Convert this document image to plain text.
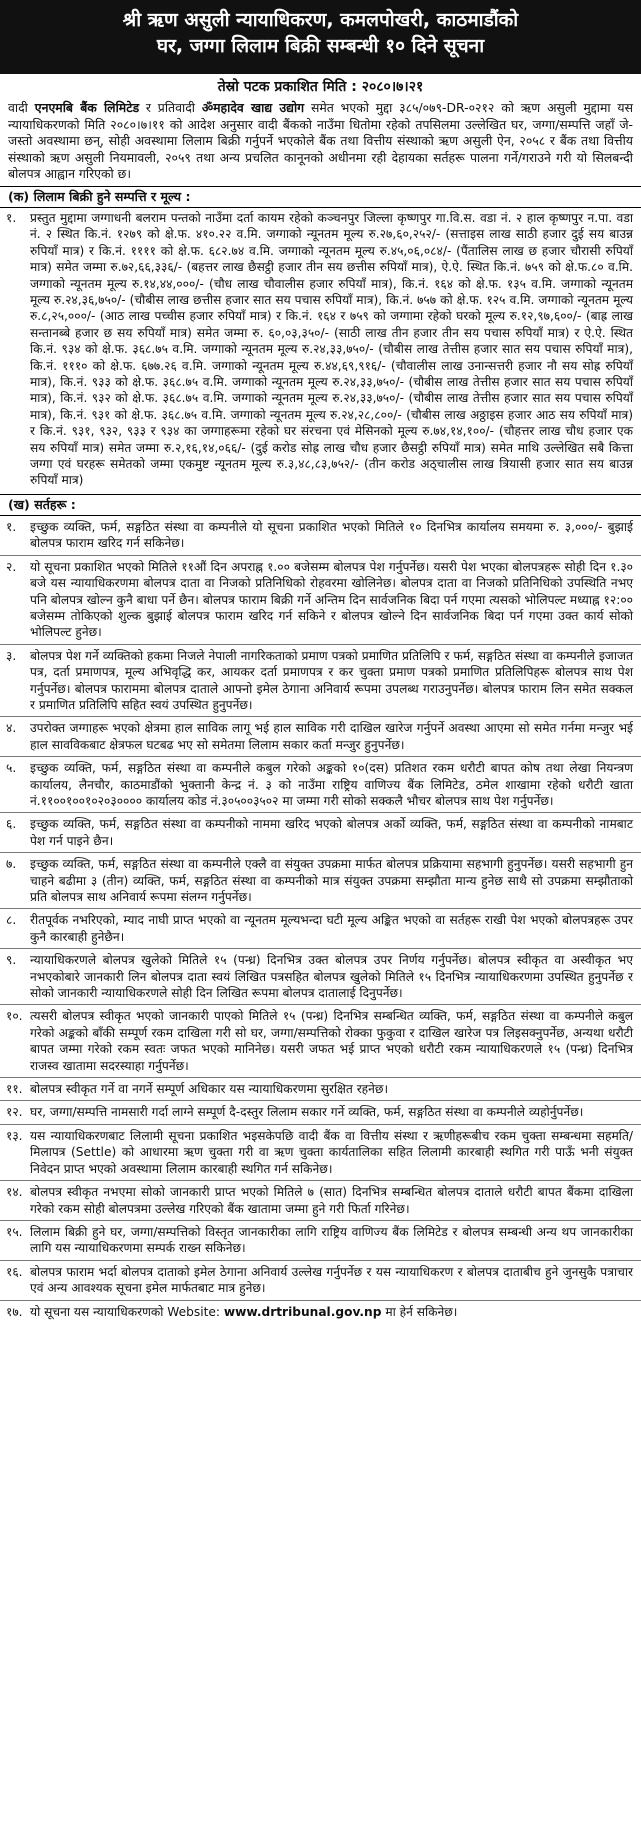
श्री ऋण असुली न्यायाधिकरण, कमलपोखरी, काठमाडौंको
घर, जग्गा लिलाम बिक्री सम्बन्धी १० दिने सूचना
तेस्रो पटक प्रकाशित मिति : २०८०।७।२१
वादी एनएमबि बैंक लिमिटेड र प्रतिवादी ॐमहादेव खाद्य उद्योग समेत भएको मुद्दा ३८५/०७९-DR-०२१२ को ऋण असुली मुद्दामा यस न्यायाधिकरणको मिति २०८०।७।११ को आदेश अनुसार वादी बैंकको नाउँमा धितोमा रहेको तपसिलमा उल्लेखित घर, जग्गा/सम्पत्ति जहाँ जे-जस्तो अवस्थामा छन्, सोही अवस्थामा लिलाम बिक्री गर्नुपर्ने भएकोले बैंक तथा वित्तीय संस्थाको ऋण असुली ऐन, २०५८ र बैंक तथा वित्तीय संस्थाको ऋण असुली नियमावली, २०५९ तथा अन्य प्रचलित कानूनको अधीनमा रही देहायका सर्तहरू पालना गर्ने/गराउने गरी यो सिलबन्दी बोलपत्र आह्वान गरिएको छ।
(क) लिलाम बिक्री हुने सम्पत्ति र मूल्य :
१.	प्रस्तुत मुद्दामा जग्गाधनी बलराम पन्तको नाउँमा दर्ता कायम रहेको कञ्चनपुर जिल्ला कृष्णपुर गा.वि.स. वडा नं. २ हाल कृष्णपुर न.पा. वडा नं. २ स्थित कि.नं. १२७९ को क्षे.फ. ४१०.२२ व.मि. जग्गाको न्यूनतम मूल्य रु.२७,६०,२५२/- (सत्ताइस लाख साठी हजार दुई सय बाउन्न रुपियाँ मात्र) र कि.नं. ११११ को क्षे.फ. ६८२.७४ व.मि. जग्गाको न्यूनतम मूल्य रु.४५,०६,०८४/- (पैंतालिस लाख छ हजार चौरासी रुपियाँ मात्र) समेत जम्मा रु.७२,६६,३३६/- (बहत्तर लाख छैसट्ठी हजार तीन सय छत्तीस रुपियाँ मात्र), ऐ.ऐ. स्थित कि.नं. ७५९ को क्षे.फ.८० व.मि. जग्गाको न्यूनतम मूल्य रु.१४,४४,०००/- (चौध लाख चौवालीस हजार रुपियाँ मात्र), कि.नं. १६४ को क्षे.फ. १३५ व.मि. जग्गाको न्यूनतम मूल्य रु.२४,३६,७५०/- (चौबीस लाख छत्तीस हजार सात सय पचास रुपियाँ मात्र), कि.नं. ७५७ को क्षे.फ. १२५ व.मि. जग्गाको न्यूनतम मूल्य रु.८,२५,०००/- (आठ लाख पच्चीस हजार रुपियाँ मात्र) र कि.नं. १६४ र ७५९ को जग्गामा रहेको घरको मूल्य रु.१२,९७,६००/- (बाह्र लाख सन्तानब्बे हजार छ सय रुपियाँ मात्र) समेत जम्मा रु. ६०,०३,३५०/- (साठी लाख तीन हजार तीन सय पचास रुपियाँ मात्र) र ऐ.ऐ. स्थित कि.नं. ९३४ को क्षे.फ. ३६८.७५ व.मि. जग्गाको न्यूनतम मूल्य रु.२४,३३,७५०/- (चौबीस लाख तेत्तीस हजार सात सय पचास रुपियाँ मात्र), कि.नं. १११० को क्षे.फ. ६७७.२६ व.मि. जग्गाको न्यूनतम मूल्य रु.४४,६९,९१६/- (चौवालीस लाख उनान्सत्तरी हजार नौ सय सोह्र रुपियाँ मात्र), कि.नं. ९३३ को क्षे.फ. ३६८.७५ व.मि. जग्गाको न्यूनतम मूल्य रु.२४,३३,७५०/- (चौबीस लाख तेत्तीस हजार सात सय पचास रुपियाँ मात्र), कि.नं. ९३२ को क्षे.फ. ३६८.७५ व.मि. जग्गाको न्यूनतम मूल्य रु.२४,३३,७५०/- (चौबीस लाख तेत्तीस हजार सात सय पचास रुपियाँ मात्र), कि.नं. ९३१ को क्षे.फ. ३६८.७५ व.मि. जग्गाको न्यूनतम मूल्य रु.२४,२८,८००/- (चौबीस लाख अठ्ठाइस हजार आठ सय रुपियाँ मात्र) र कि.नं. ९३१, ९३२, ९३३ र ९३४ का जग्गाहरूमा रहेको घर संरचना एवं मेसिनको मूल्य रु.७४,१४,१००/- (चौहत्तर लाख चौध हजार एक सय रुपियाँ मात्र) समेत जम्मा रु.२,१६,१४,०६६/- (दुई करोड सोह्र लाख चौध हजार छैसट्ठी रुपियाँ मात्र) समेत माथि उल्लेखित सबै कित्ता जग्गा एवं घरहरू समेतको जम्मा एकमुष्ट न्यूनतम मूल्य रु.३,४८,८३,७५२/- (तीन करोड अठ्चालीस लाख त्रियासी हजार सात सय बाउन्न रुपियाँ मात्र)
(ख) सर्तहरू :
१.	इच्छुक व्यक्ति, फर्म, सङ्गठित संस्था वा कम्पनीले यो सूचना प्रकाशित भएको मितिले १० दिनभित्र कार्यालय समयमा रु. ३,०००/- बुझाई बोलपत्र फाराम खरिद गर्न सकिनेछ।
२.	यो सूचना प्रकाशित भएको मितिले ११औं दिन अपराह्न १.०० बजेसम्म बोलपत्र पेश गर्नुपर्नेछ। यसरी पेश भएका बोलपत्रहरू सोही दिन १.३० बजे यस न्यायाधिकरणमा बोलपत्र दाता वा निजको प्रतिनिधिको रोहवरमा खोलिनेछ। बोलपत्र दाता वा निजको प्रतिनिधिको उपस्थिति नभए पनि बोलपत्र खोल्न कुनै बाधा पर्ने छैन। बोलपत्र फाराम बिक्री गर्ने अन्तिम दिन सार्वजनिक बिदा पर्न गएमा त्यसको भोलिपल्ट मध्याह्न १२:०० बजेसम्म तोकिएको शुल्क बुझाई बोलपत्र फाराम खरिद गर्न सकिने र बोलपत्र खोल्ने दिन सार्वजनिक बिदा पर्न गएमा उक्त कार्य सोको भोलिपल्ट हुनेछ।
३.	बोलपत्र पेश गर्ने व्यक्तिको हकमा निजले नेपाली नागरिकताको प्रमाण पत्रको प्रमाणित प्रतिलिपि र फर्म, सङ्गठित संस्था वा कम्पनीले इजाजत पत्र, दर्ता प्रमाणपत्र, मूल्य अभिवृद्धि कर, आयकर दर्ता प्रमाणपत्र र कर चुक्ता प्रमाण पत्रको प्रमाणित प्रतिलिपिहरू बोलपत्र साथ पेश गर्नुपर्नेछ। बोलपत्र फाराममा बोलपत्र दाताले आफ्नो इमेल ठेगाना अनिवार्य रूपमा उपलब्ध गराउनुपर्नेछ। बोलपत्र फाराम लिन समेत सक्कल र प्रमाणित प्रतिलिपि सहित स्वयं उपस्थित हुनुपर्नेछ।
४.	उपरोक्त जग्गाहरू भएको क्षेत्रमा हाल साविक लागू भई हाल साविक गरी दाखिल खारेज गर्नुपर्ने अवस्था आएमा सो समेत गर्नमा मन्जुर भई हाल सावविकबाट क्षेत्रफल घटबढ भए सो समेतमा लिलाम सकार कर्ता मन्जुर हुनुपर्नेछ।
५.	इच्छुक व्यक्ति, फर्म, सङ्गठित संस्था वा कम्पनीले कबुल गरेको अङ्कको १०(दस) प्रतिशत रकम धरौटी बापत कोष तथा लेखा नियन्त्रण कार्यालय, लैनचौर, काठमाडौंको भुक्तानी केन्द्र नं. ३ को नाउँमा राष्ट्रिय वाणिज्य बैंक लिमिटेड, ठमेल शाखामा रहेको धरौटी खाता नं.११००१००१०२०३०००० कार्यालय कोड नं.३०५००३५०२ मा जम्मा गरी सोको सक्कलै भौचर बोलपत्र साथ पेश गर्नुपर्नेछ।
६.	इच्छुक व्यक्ति, फर्म, सङ्गठित संस्था वा कम्पनीको नाममा खरिद भएको बोलपत्र अर्को व्यक्ति, फर्म, सङ्गठित संस्था वा कम्पनीको नामबाट पेश गर्न पाइने छैन।
७.	इच्छुक व्यक्ति, फर्म, सङ्गठित संस्था वा कम्पनीले एक्लै वा संयुक्त उपक्रमा मार्फत बोलपत्र प्रक्रियामा सहभागी हुनुपर्नेछ। यसरी सहभागी हुन चाहने बढीमा ३ (तीन) व्यक्ति, फर्म, सङ्गठित संस्था वा कम्पनीको मात्र संयुक्त उपक्रमा सम्झौता मान्य हुनेछ साथै सो उपक्रमा सम्झौताको प्रति बोलपत्र साथ अनिवार्य रूपमा संलग्न गर्नुपर्नेछ।
८.	रीतपूर्वक नभरिएको, म्याद नाघी प्राप्त भएको वा न्यूनतम मूल्यभन्दा घटी मूल्य अङ्कित भएको वा सर्तहरू राखी पेश भएको बोलपत्रहरू उपर कुनै कारबाही हुनेछैन।
९.	न्यायाधिकरणले बोलपत्र खुलेको मितिले १५ (पन्ध्र) दिनभित्र उक्त बोलपत्र उपर निर्णय गर्नुपर्नेछ। बोलपत्र स्वीकृत वा अस्वीकृत भए नभएकोबारे जानकारी लिन बोलपत्र दाता स्वयं लिखित पत्रसहित बोलपत्र खुलेको मितिले १५ दिनभित्र न्यायाधिकरणमा उपस्थित हुनुपर्नेछ र सोको जानकारी न्यायाधिकरणले सोही दिन लिखित रूपमा बोलपत्र दातालाई दिनुपर्नेछ।
१०. त्यसरी बोलपत्र स्वीकृत भएको जानकारी पाएको मितिले १५ (पन्ध्र) दिनभित्र सम्बन्धित व्यक्ति, फर्म, सङ्गठित संस्था वा कम्पनीले कबुल गरेको अङ्कको बाँकी सम्पूर्ण रकम दाखिला गरी सो घर, जग्गा/सम्पत्तिको रोक्का फुकुवा र दाखिल खारेज पत्र लिइसक्नुपर्नेछ, अन्यथा धरौटी बापत जम्मा गरेको रकम स्वतः जफत भएको मानिनेछ। यसरी जफत भई प्राप्त भएको धरौटी रकम न्यायाधिकरणले १५ (पन्ध्र) दिनभित्र राजस्व खातामा सदरस्याहा गर्नुपर्नेछ।
११. बोलपत्र स्वीकृत गर्ने वा नगर्ने सम्पूर्ण अधिकार यस न्यायाधिकरणमा सुरक्षित रहनेछ।
१२. घर, जग्गा/सम्पत्ति नामसारी गर्दा लाग्ने सम्पूर्ण दै-दस्तुर लिलाम सकार गर्ने व्यक्ति, फर्म, सङ्गठित संस्था वा कम्पनीले व्यहोर्नुपर्नेछ।
१३. यस न्यायाधिकरणबाट लिलामी सूचना प्रकाशित भइसकेपछि वादी बैंक वा वित्तीय संस्था र ऋणीहरूबीच रकम चुक्ता सम्बन्धमा सहमति/मिलापत्र (Settle) को आधारमा ऋण चुक्ता गरी वा ऋण चुक्ता कार्यतालिका सहित लिलामी कारबाही स्थगित गरी पाऊँ भनी संयुक्त निवेदन प्राप्त भएको अवस्थामा लिलाम कारबाही स्थगित गर्न सकिनेछ।
१४. बोलपत्र स्वीकृत नभएमा सोको जानकारी प्राप्त भएको मितिले ७ (सात) दिनभित्र सम्बन्धित बोलपत्र दाताले धरौटी बापत बैंकमा दाखिला गरेको रकम सोही बोलपत्रमा उल्लेख गरिएको बैंक खातामा जम्मा हुने गरी फिर्ता गरिनेछ।
१५. लिलाम बिक्री हुने घर, जग्गा/सम्पत्तिको विस्तृत जानकारीका लागि राष्ट्रिय वाणिज्य बैंक लिमिटेड र बोलपत्र सम्बन्धी अन्य थप जानकारीका लागि यस न्यायाधिकरणमा सम्पर्क राख्न सकिनेछ।
१६. बोलपत्र फाराम भर्दा बोलपत्र दाताको इमेल ठेगाना अनिवार्य उल्लेख गर्नुपर्नेछ र यस न्यायाधिकरण र बोलपत्र दाताबीच हुने जुनसुकै पत्राचार एवं अन्य आवश्यक सूचना इमेल मार्फतबाट मात्र हुनेछ।
१७. यो सूचना यस न्यायाधिकरणको Website: www.drtribunal.gov.np मा हेर्न सकिनेछ।
